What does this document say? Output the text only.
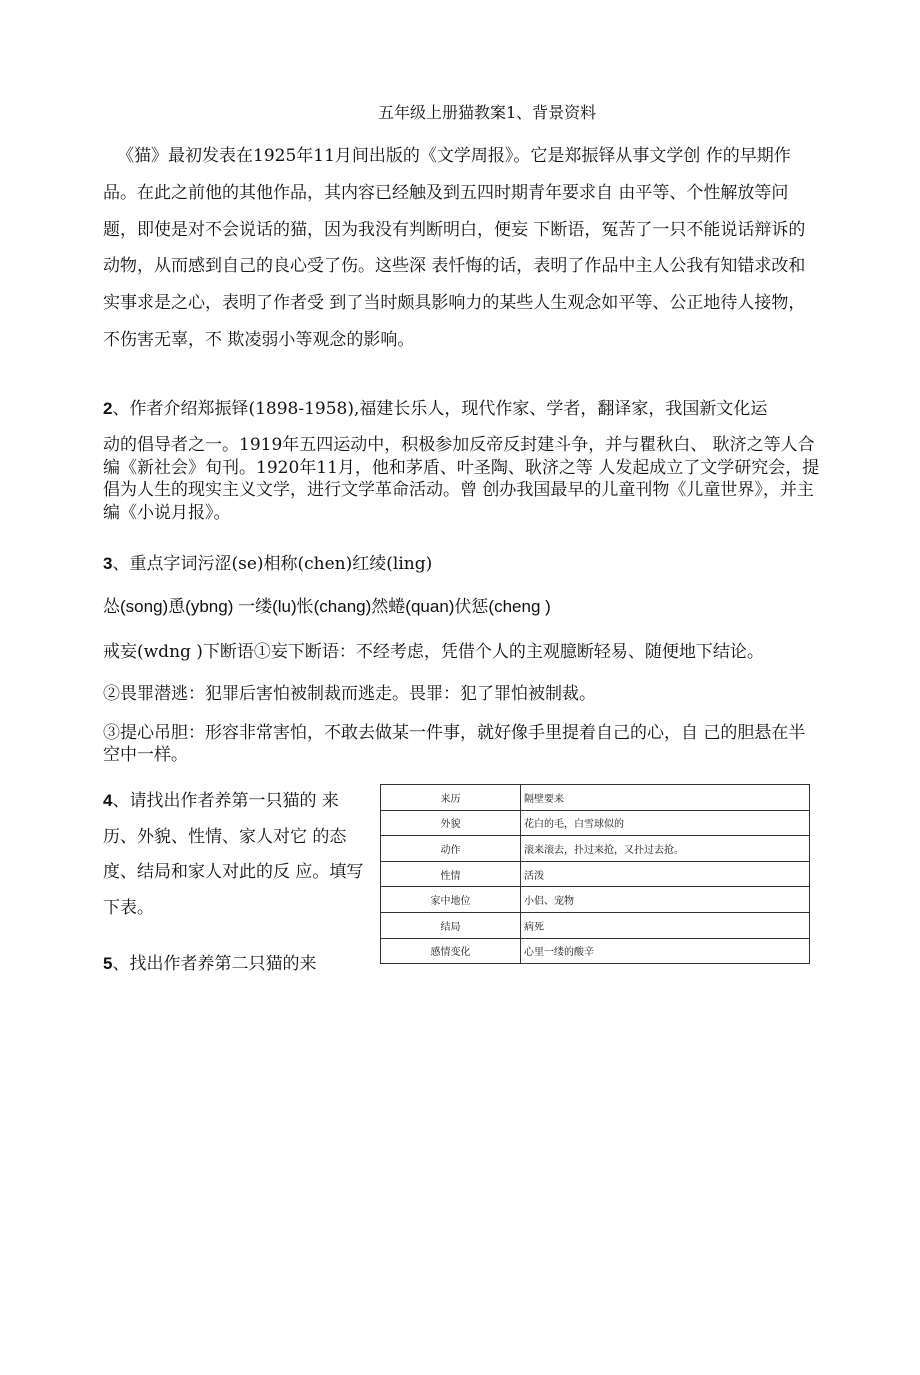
五年级上册猫教案1、背景资料
《猫》最初发表在1925年11月间出版的《文学周报》。它是郑振铎从事文学创 作的早期作品。在此之前他的其他作品，其内容已经触及到五四时期青年要求自 由平等、个性解放等问题，即使是对不会说话的猫，因为我没有判断明白，便妄 下断语，冤苦了一只不能说话辩诉的动物，从而感到自己的良心受了伤。这些深 表忏悔的话，表明了作品中主人公我有知错求改和实事求是之心，表明了作者受 到了当时颇具影响力的某些人生观念如平等、公正地待人接物，不伤害无辜，不 欺凌弱小等观念的影响。
2、作者介绍郑振铎(1898-1958),福建长乐人，现代作家、学者，翻译家，我国新文化运
动的倡导者之一。1919年五四运动中，积极参加反帝反封建斗争，并与瞿秋白、 耿济之等人合编《新社会》旬刊。1920年11月，他和茅盾、叶圣陶、耿济之等 人发起成立了文学研究会，提倡为人生的现实主义文学，进行文学革命活动。曾 创办我国最早的儿童刊物《儿童世界》，并主编《小说月报》。
3、重点字词污涩(se)相称(chen)红绫(ling)
怂(song)恿(ybng) 一缕(lu)怅(chang)然蜷(quan)伏惩(cheng )
戒妄(wdng )下断语①妄下断语：不经考虑，凭借个人的主观臆断轻易、随便地下结论。
②畏罪潜逃：犯罪后害怕被制裁而逃走。畏罪：犯了罪怕被制裁。
③提心吊胆：形容非常害怕，不敢去做某一件事，就好像手里提着自己的心，自 己的胆悬在半空中一样。
4、请找出作者养第一只猫的 来历、外貌、性情、家人对它 的态度、结局和家人对此的反 应。填写下表。
5、找出作者养第二只猫的来
来历	隔壁要来
外貌	花白的毛，白雪球似的
动作	滚来滚去，扑过来抢，又扑过去抢。
性情	活泼
家中地位	小侣、宠物
结局	病死
感情变化	心里一缕的酸辛
